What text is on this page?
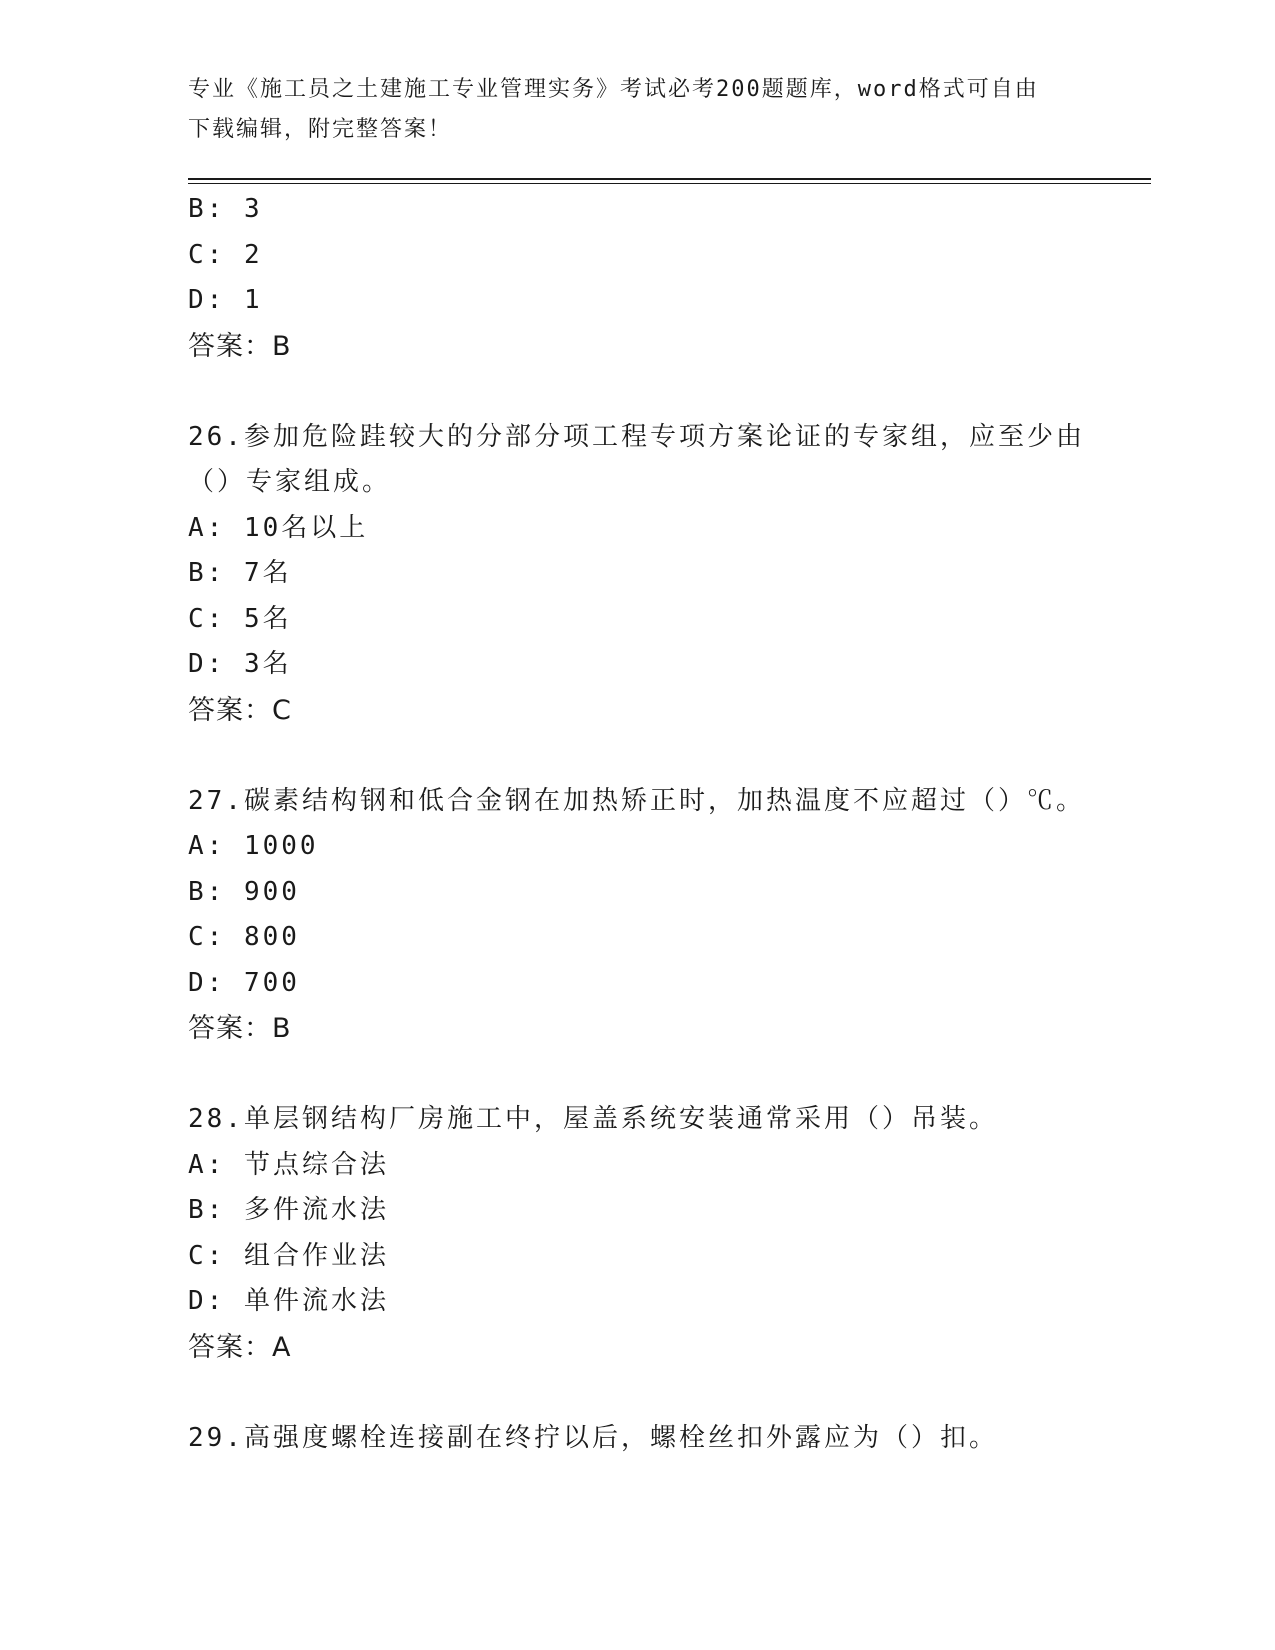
专业《施工员之土建施工专业管理实务》考试必考200题题库，word格式可自由
下载编辑，附完整答案！
B: 3
C: 2
D: 1
答案：B
26.参加危险跬较大的分部分项工程专项方案论证的专家组，应至少由
（）专家组成。
A: 10名以上
B: 7名
C: 5名
D: 3名
答案：C
27.碳素结构钢和低合金钢在加热矫正时，加热温度不应超过（）℃。
A: 1000
B: 900
C: 800
D: 700
答案：B
28.单层钢结构厂房施工中，屋盖系统安装通常采用（）吊装。
A: 节点综合法
B: 多件流水法
C: 组合作业法
D: 单件流水法
答案：A
29.高强度螺栓连接副在终拧以后，螺栓丝扣外露应为（）扣。
